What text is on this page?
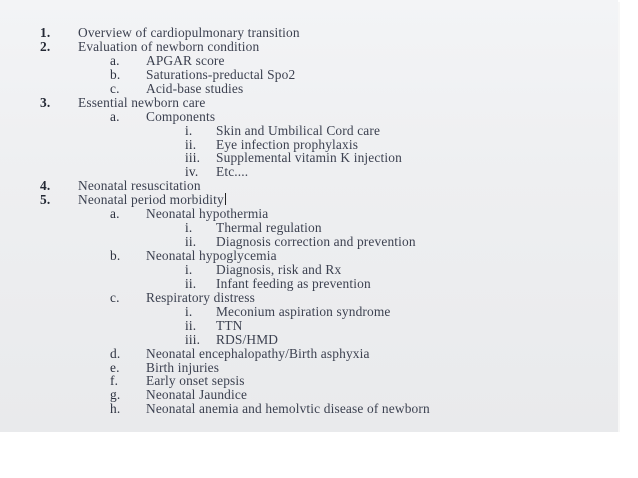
1. Overview of cardiopulmonary transition
2. Evaluation of newborn condition
a. APGAR score
b. Saturations-preductal Spo2
c. Acid-base studies
3. Essential newborn care
a. Components
i. Skin and Umbilical Cord care
ii. Eye infection prophylaxis
iii. Supplemental vitamin K injection
iv. Etc....
4. Neonatal resuscitation
5. Neonatal period morbidity
a. Neonatal hypothermia
i. Thermal regulation
ii. Diagnosis correction and prevention
b. Neonatal hypoglycemia
i. Diagnosis, risk and Rx
ii. Infant feeding as prevention
c. Respiratory distress
i. Meconium aspiration syndrome
ii. TTN
iii. RDS/HMD
d. Neonatal encephalopathy/Birth asphyxia
e. Birth injuries
f. Early onset sepsis
g. Neonatal Jaundice
h. Neonatal anemia and hemolvtic disease of newborn
